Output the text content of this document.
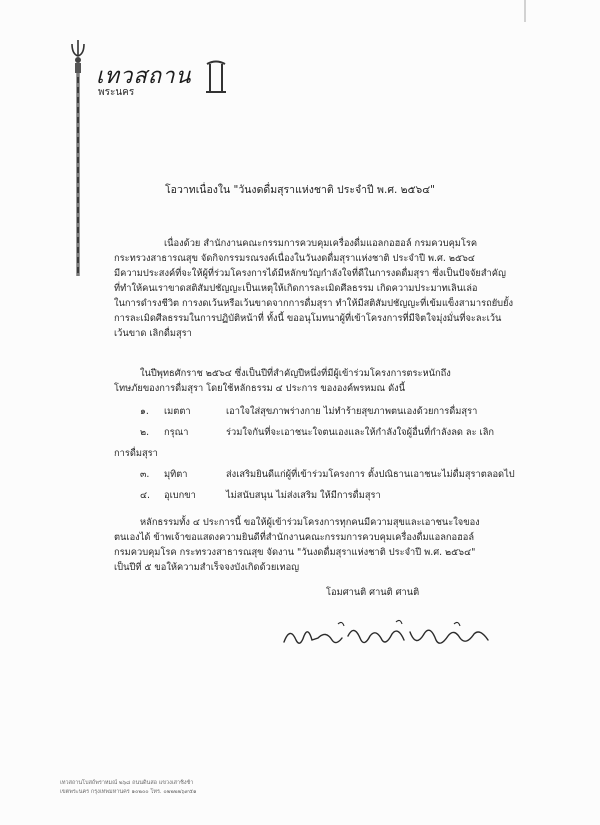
เทวสถาน
พระนคร
โอวาทเนื่องใน "วันงดดื่มสุราแห่งชาติ ประจำปี พ.ศ. ๒๕๖๔"
เนื่องด้วย สำนักงานคณะกรรมการควบคุมเครื่องดื่มแอลกอฮอล์ กรมควบคุมโรค
กระทรวงสาธารณสุข จัดกิจกรรมรณรงค์เนื่องในวันงดดื่มสุราแห่งชาติ ประจำปี พ.ศ. ๒๕๖๔
มีความประสงค์ที่จะให้ผู้ที่ร่วมโครงการได้มีหลักขวัญกำลังใจที่ดีในการงดดื่มสุรา ซึ่งเป็นปัจจัยสำคัญ
ที่ทำให้คนเราขาดสติสัมปชัญญะเป็นเหตุให้เกิดการละเมิดศีลธรรม เกิดความประมาทเลินเล่อ
ในการดำรงชีวิต การงดเว้นหรือเว้นขาดจากการดื่มสุรา ทำให้มีสติสัมปชัญญะที่เข้มแข็งสามารถยับยั้ง
การละเมิดศีลธรรมในการปฏิบัติหน้าที่ ทั้งนี้ ขออนุโมทนาผู้ที่เข้าโครงการที่มีจิตใจมุ่งมั่นที่จะละเว้น
เว้นขาด เลิกดื่มสุรา
ในปีพุทธศักราช ๒๕๖๔ ซึ่งเป็นปีที่สำคัญปีหนึ่งที่มีผู้เข้าร่วมโครงการตระหนักถึง
โทษภัยของการดื่มสุรา โดยใช้หลักธรรม ๔ ประการ ขององค์พรหมณ ดังนี้
๑. เมตตา	เอาใจใส่สุขภาพร่างกาย ไม่ทำร้ายสุขภาพตนเองด้วยการดื่มสุรา
๒. กรุณา	ร่วมใจกันที่จะเอาชนะใจตนเองและให้กำลังใจผู้อื่นที่กำลังลด ละ เลิก
การดื่มสุรา
๓. มุทิตา	ส่งเสริมยินดีแก่ผู้ที่เข้าร่วมโครงการ ตั้งปณิธานเอาชนะไม่ดื่มสุราตลอดไป
๔. อุเบกขา	ไม่สนับสนุน ไม่ส่งเสริม ให้มีการดื่มสุรา
หลักธรรมทั้ง ๔ ประการนี้ ขอให้ผู้เข้าร่วมโครงการทุกคนมีความสุขและเอาชนะใจของ
ตนเองได้ ข้าพเจ้าขอแสดงความยินดีที่สำนักงานคณะกรรมการควบคุมเครื่องดื่มแอลกอฮอล์
กรมควบคุมโรค กระทรวงสาธารณสุข จัดงาน "วันงดดื่มสุราแห่งชาติ ประจำปี พ.ศ. ๒๕๖๔"
เป็นปีที่ ๕ ขอให้ความสำเร็จจงบังเกิดด้วยเทอญ
โอมศานติ ศานติ ศานติ
เทวสถานโบสถ์พราหมณ์ ๒๖๘ ถนนดินสอ แขวงเสาชิงช้า
เขตพระนคร กรุงเทพมหานคร ๑๐๒๐๐ โทร. ๐๒๒๒๒๖๙๕๑
